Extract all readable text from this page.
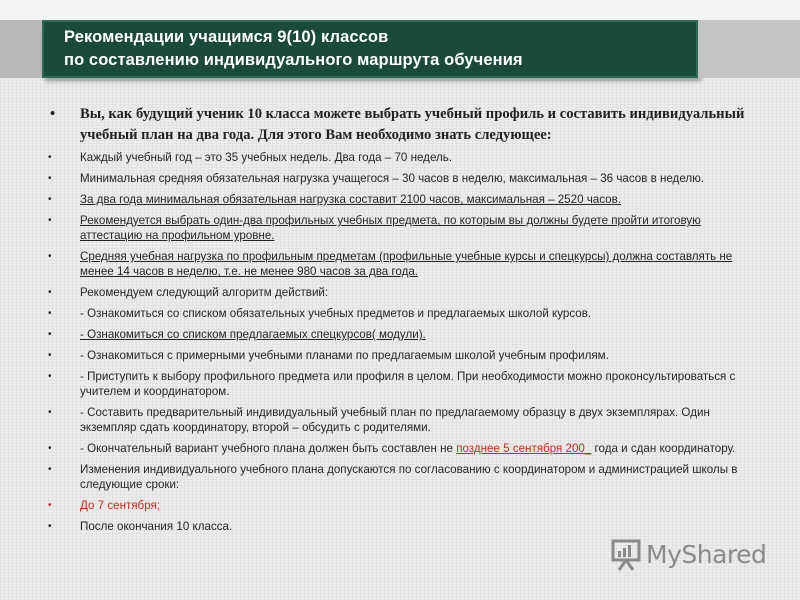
Рекомендации учащимся 9(10) классов
по составлению индивидуального маршрута обучения
• Вы, как будущий ученик 10 класса можете выбрать учебный профиль и составить индивидуальный учебный план на два года. Для этого Вам необходимо знать следующее:
• Каждый учебный год – это 35 учебных недель. Два года – 70 недель.
• Минимальная средняя обязательная нагрузка учащегося – 30 часов в неделю, максимальная – 36 часов в неделю.
• За два года минимальная обязательная нагрузка составит 2100 часов, максимальная – 2520 часов.
• Рекомендуется выбрать один-два профильных учебных предмета, по которым вы должны будете пройти итоговую аттестацию на профильном уровне.
• Средняя учебная нагрузка по профильным предметам (профильные учебные курсы и спецкурсы) должна составлять не менее 14 часов в неделю, т.е. не менее 980 часов за два года.
• Рекомендуем следующий алгоритм действий:
• - Ознакомиться со списком обязательных учебных предметов и предлагаемых школой курсов.
• - Ознакомиться со списком предлагаемых спецкурсов( модули).
• - Ознакомиться с примерными учебными планами по предлагаемым школой учебным профилям.
• - Приступить к выбору профильного предмета или профиля в целом. При необходимости можно проконсультироваться с учителем и координатором.
• - Составить предварительный индивидуальный учебный план по предлагаемому образцу в двух экземплярах. Один экземпляр сдать координатору, второй – обсудить с родителями.
• - Окончательный вариант учебного плана должен быть составлен не позднее 5 сентября 200_ года и сдан координатору.
• Изменения индивидуального учебного плана допускаются по согласованию с координатором и администрацией школы в следующие сроки:
• До 7 сентября;
• После окончания 10 класса.
MyShared
